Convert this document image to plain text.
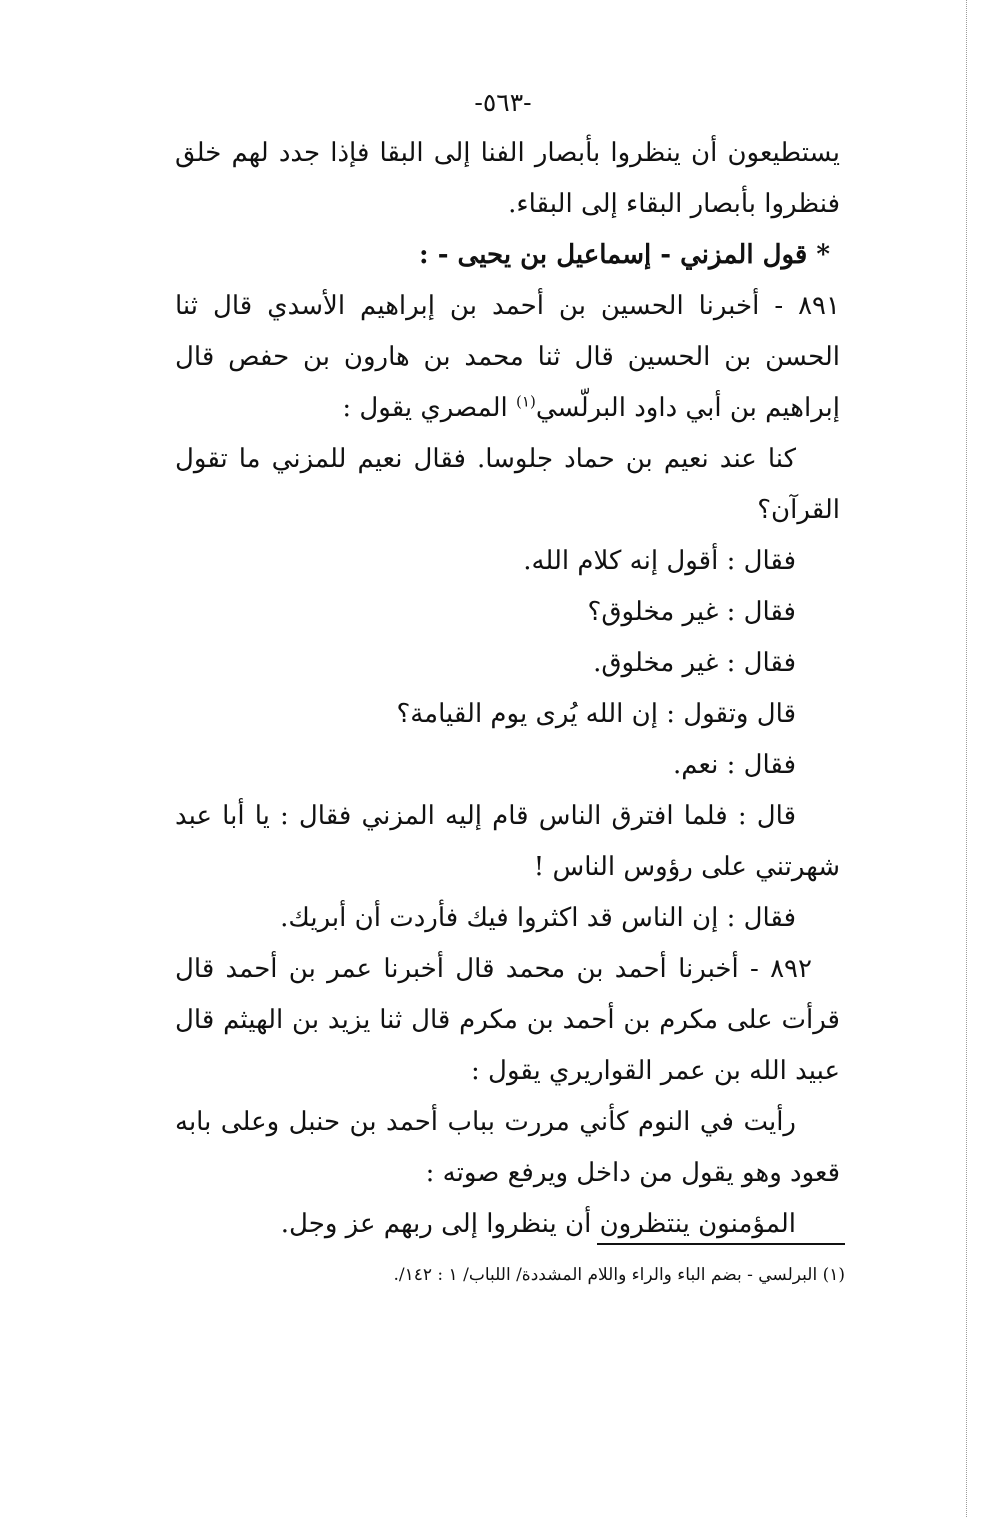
-٥٦٣-
يستطيعون أن ينظروا بأبصار الفنا إلى البقا فإذا جدد لهم خلق
فنظروا بأبصار البقاء إلى البقاء.
* قول المزني - إسماعيل بن يحيى - :
٨٩١ - أخبرنا الحسين بن أحمد بن إبراهيم الأسدي قال ثنا
الحسن بن الحسين قال ثنا محمد بن هارون بن حفص قال
إبراهيم بن أبي داود البرلّسي$^{(١)}$ المصري يقول :
كنا عند نعيم بن حماد جلوسا. فقال نعيم للمزني ما تقول
القرآن؟
فقال : أقول إنه كلام الله.
فقال : غير مخلوق؟
فقال : غير مخلوق.
قال وتقول : إن الله يُرى يوم القيامة؟
فقال : نعم.
قال : فلما افترق الناس قام إليه المزني فقال : يا أبا عبد
شهرتني على رؤوس الناس !
فقال : إن الناس قد اكثروا فيك فأردت أن أبريك.
٨٩٢ - أخبرنا أحمد بن محمد قال أخبرنا عمر بن أحمد قال
قرأت على مكرم بن أحمد بن مكرم قال ثنا يزيد بن الهيثم قال
عبيد الله بن عمر القواريري يقول :
رأيت في النوم كأني مررت بباب أحمد بن حنبل وعلى بابه
قعود وهو يقول من داخل ويرفع صوته :
المؤمنون ينتظرون أن ينظروا إلى ربهم عز وجل.
(١) البرلسي - بضم الباء والراء واللام المشددة/ اللباب/ ١ : ١٤٢/.
